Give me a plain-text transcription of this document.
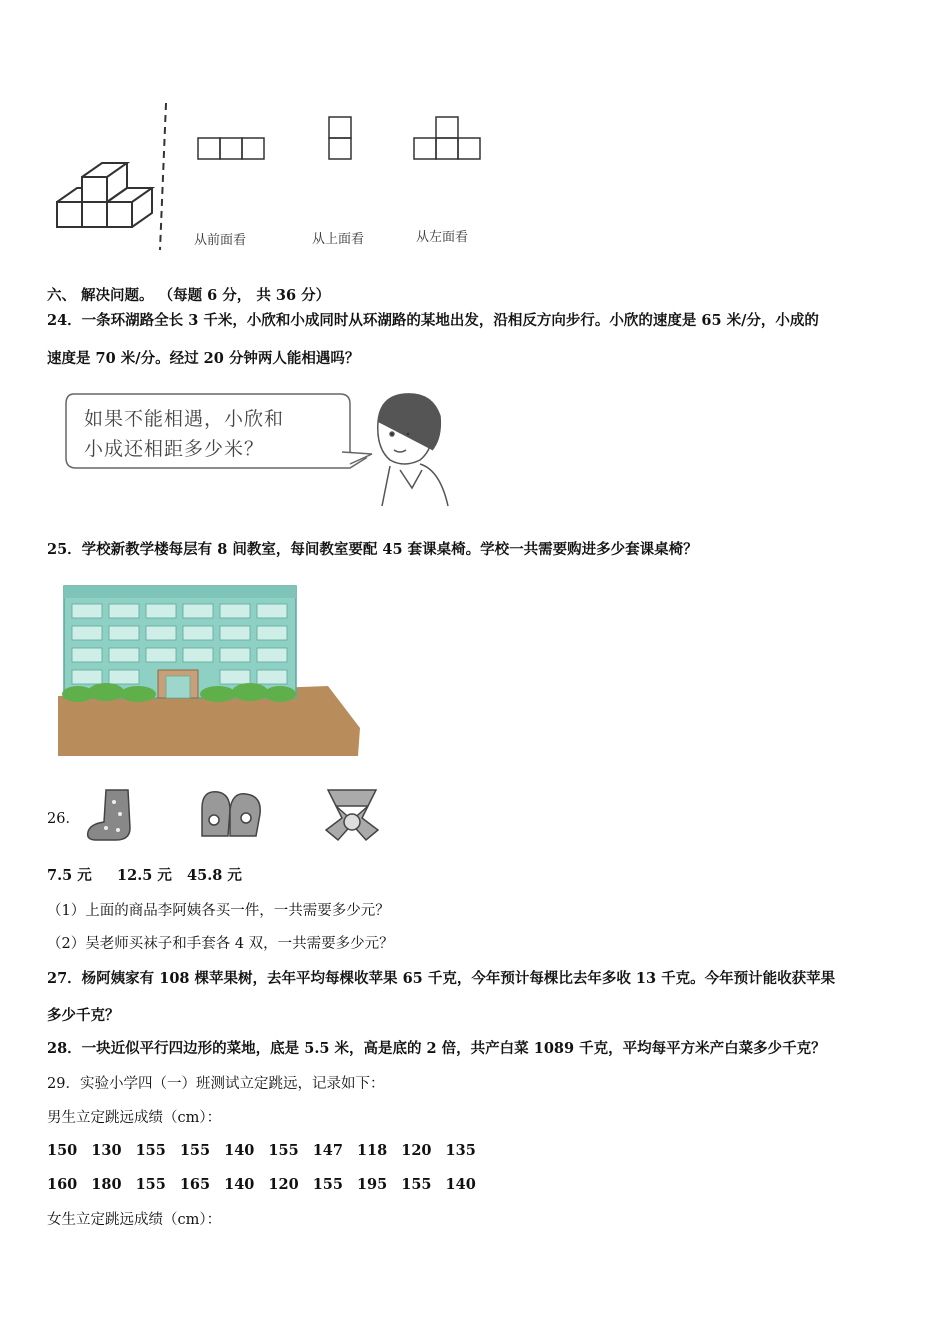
从前面看	从上面看	从左面看
六、 解决问题。 （每题 6 分， 共 36 分）
24．一条环湖路全长 3 千米，小欣和小成同时从环湖路的某地出发，沿相反方向步行。小欣的速度是 65 米/分，小成的
速度是 70 米/分。经过 20 分钟两人能相遇吗？
如果不能相遇，小欣和
小成还相距多少米？
25．学校新教学楼每层有 8 间教室，每间教室要配 45 套课桌椅。学校一共需要购进多少套课桌椅？
26．
7.5 元     12.5 元   45.8 元
（1）上面的商品李阿姨各买一件，一共需要多少元？
（2）吴老师买袜子和手套各 4 双，一共需要多少元？
27．杨阿姨家有 108 棵苹果树，去年平均每棵收苹果 65 千克，今年预计每棵比去年多收 13 千克。今年预计能收获苹果
多少千克？
28．一块近似平行四边形的菜地，底是 5.5 米，高是底的 2 倍，共产白菜 1089 千克，平均每平方米产白菜多少千克？
29．实验小学四（一）班测试立定跳远，记录如下：
男生立定跳远成绩（cm）：
150 130 155 155 140 155 147 118 120 135
160 180 155 165 140 120 155 195 155 140
女生立定跳远成绩（cm）：
